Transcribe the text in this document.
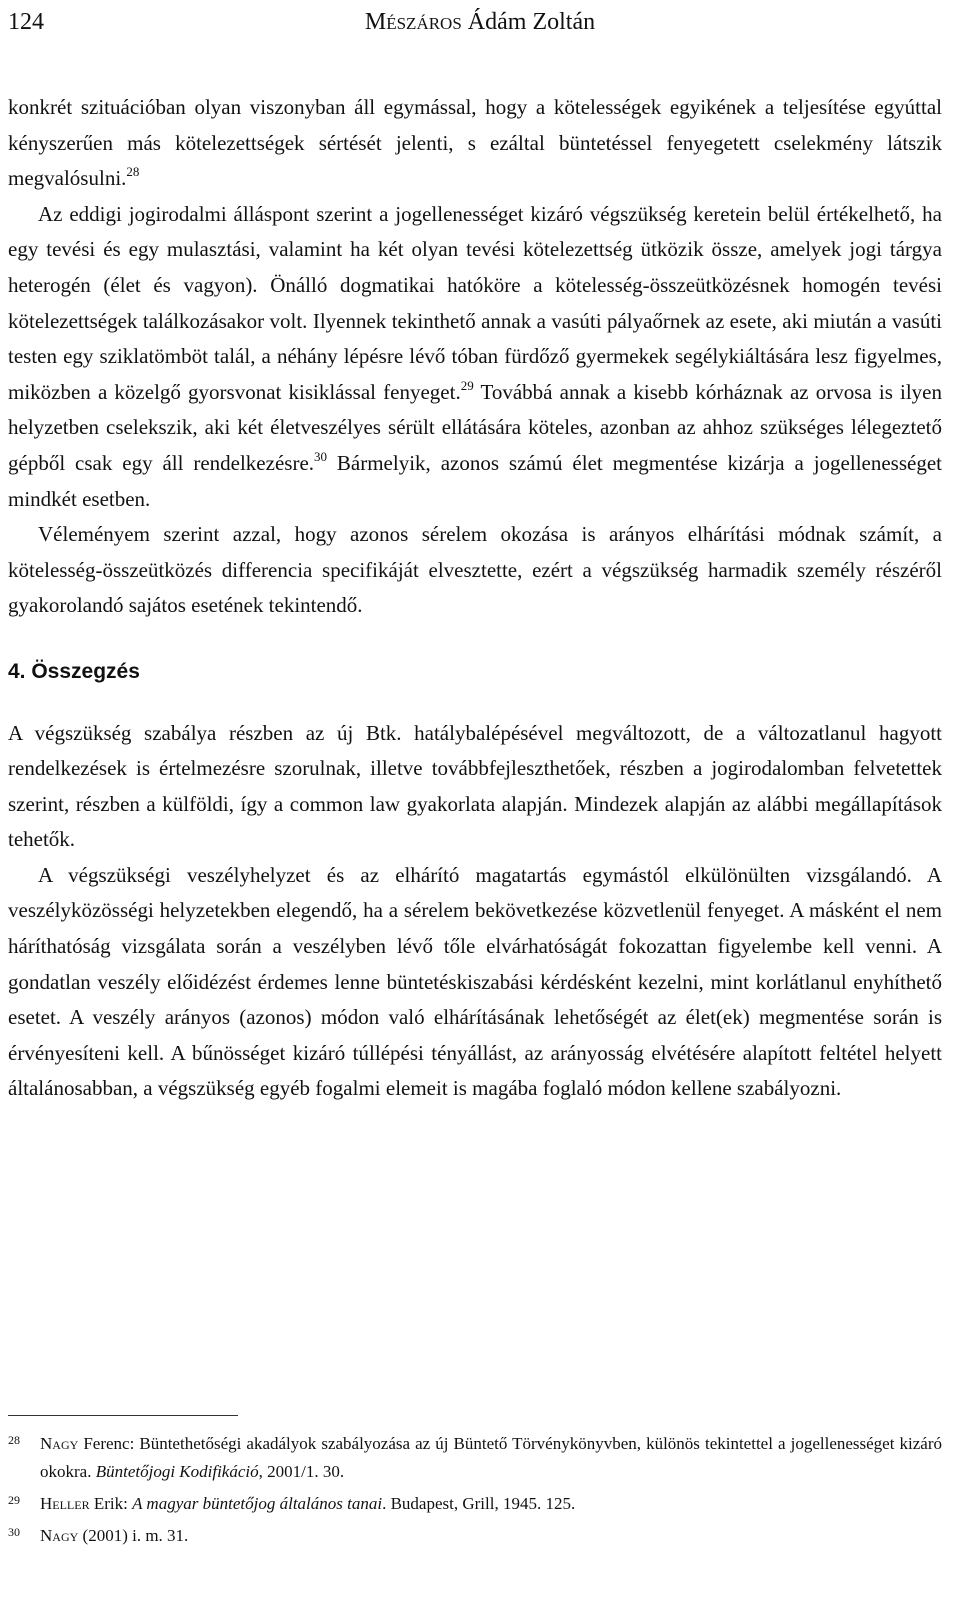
124	Mészáros Ádám Zoltán

konkrét szituációban olyan viszonyban áll egymással, hogy a kötelességek egyikének a teljesítése egyúttal kényszerűen más kötelezettségek sértését jelenti, s ezáltal büntetéssel fenyegetett cselekmény látszik megvalósulni.$^{28}$

Az eddigi jogirodalmi álláspont szerint a jogellenességet kizáró végszükség keretein belül értékelhető, ha egy tevési és egy mulasztási, valamint ha két olyan tevési kötelezettség ütközik össze, amelyek jogi tárgya heterogén (élet és vagyon). Önálló dogmatikai hatóköre a kötelesség-összeütközésnek homogén tevési kötelezettségek találkozásakor volt. Ilyennek tekinthető annak a vasúti pályaőrnek az esete, aki miután a vasúti testen egy sziklatömböt talál, a néhány lépésre lévő tóban fürdőző gyermekek segélykiáltására lesz figyelmes, miközben a közelgő gyorsvonat kisiklással fenyeget.$^{29}$ Továbbá annak a kisebb kórháznak az orvosa is ilyen helyzetben cselekszik, aki két életveszélyes sérült ellátására köteles, azonban az ahhoz szükséges lélegeztető gépből csak egy áll rendelkezésre.$^{30}$ Bármelyik, azonos számú élet megmentése kizárja a jogellenességet mindkét esetben.

Véleményem szerint azzal, hogy azonos sérelem okozása is arányos elhárítási módnak számít, a kötelesség-összeütközés differencia specifikáját elvesztette, ezért a végszükség harmadik személy részéről gyakorolandó sajátos esetének tekintendő.

4. Összegzés

A végszükség szabálya részben az új Btk. hatálybalépésével megváltozott, de a változatlanul hagyott rendelkezések is értelmezésre szorulnak, illetve továbbfejleszthetőek, részben a jogirodalomban felvetettek szerint, részben a külföldi, így a common law gyakorlata alapján. Mindezek alapján az alábbi megállapítások tehetők.

A végszükségi veszélyhelyzet és az elhárító magatartás egymástól elkülönülten vizsgálandó. A veszélyközösségi helyzetekben elegendő, ha a sérelem bekövetkezése közvetlenül fenyeget. A másként el nem háríthatóság vizsgálata során a veszélyben lévő tőle elvárhatóságát fokozattan figyelembe kell venni. A gondatlan veszély előidézést érdemes lenne büntetéskiszabási kérdésként kezelni, mint korlátlanul enyhíthető esetet. A veszély arányos (azonos) módon való elhárításának lehetőségét az élet(ek) megmentése során is érvényesíteni kell. A bűnösséget kizáró túllépési tényállást, az arányosság elvétésére alapított feltétel helyett általánosabban, a végszükség egyéb fogalmi elemeit is magába foglaló módon kellene szabályozni.

28 Nagy Ferenc: Büntethetőségi akadályok szabályozása az új Büntető Törvénykönyvben, különös tekintettel a jogellenességet kizáró okokra. Büntetőjogi Kodifikáció, 2001/1. 30.
29 Heller Erik: A magyar büntetőjog általános tanai. Budapest, Grill, 1945. 125.
30 Nagy (2001) i. m. 31.
